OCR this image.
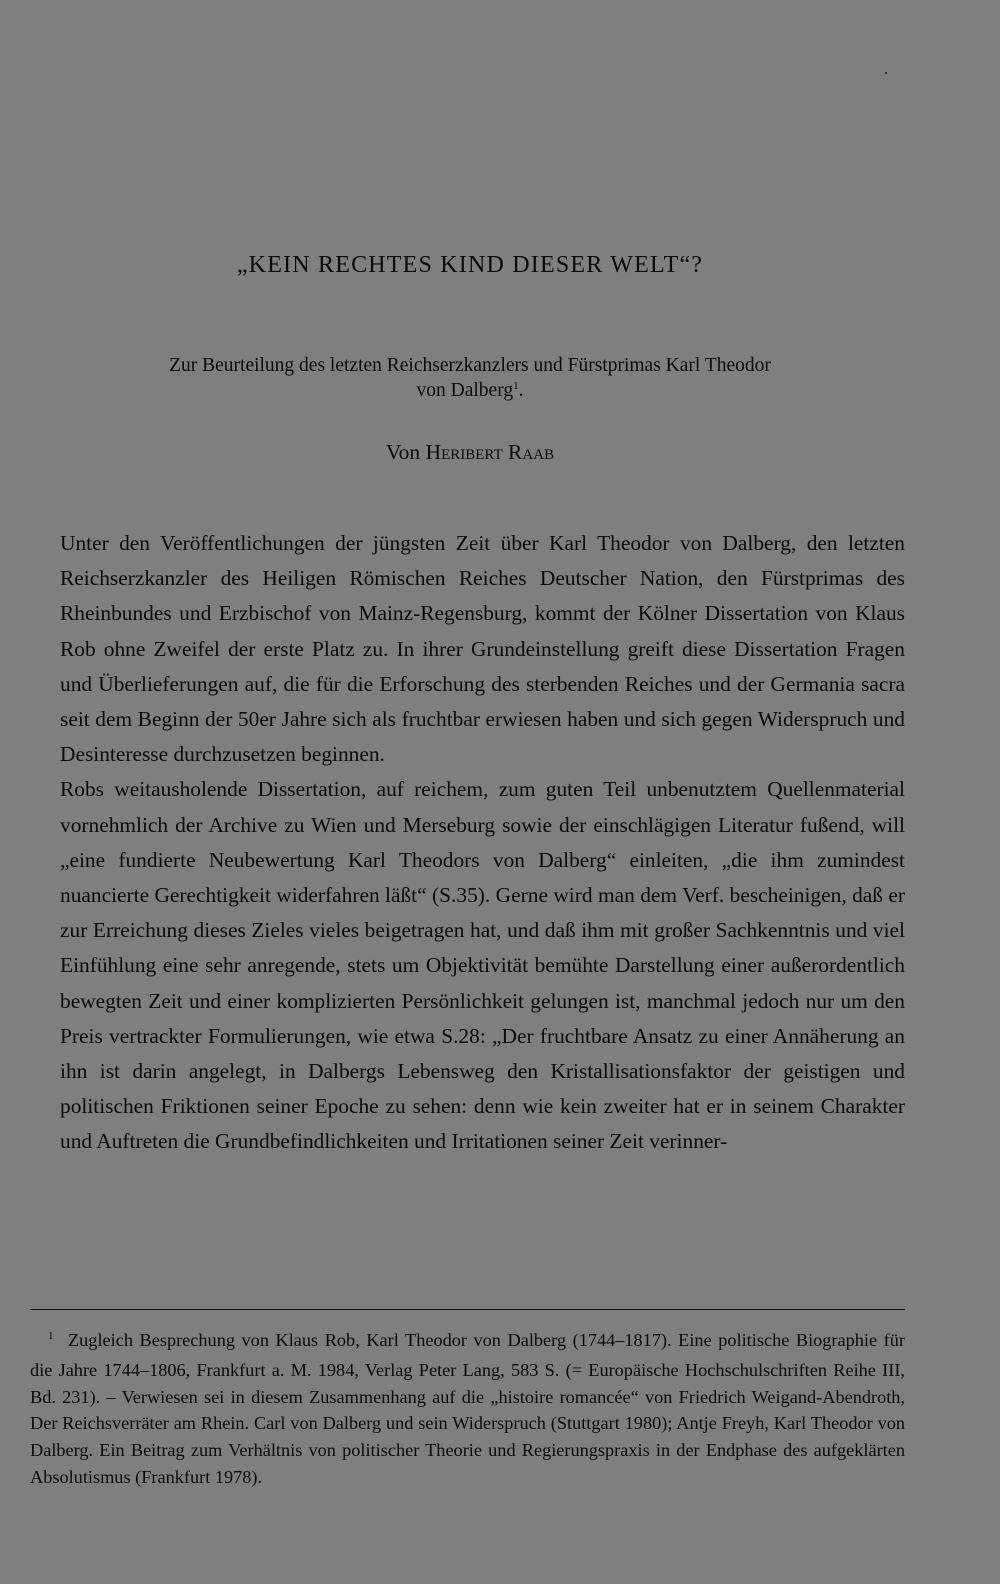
„KEIN RECHTES KIND DIESER WELT“?
Zur Beurteilung des letzten Reichserzkanzlers und Fürstprimas Karl Theodor
von Dalberg$^1$.
Von Heribert Raab

Unter den Veröffentlichungen der jüngsten Zeit über Karl Theodor von Dalberg, den letzten Reichserzkanzler des Heiligen Römischen Reiches Deutscher Nation, den Fürstprimas des Rheinbundes und Erzbischof von Mainz-Regensburg, kommt der Kölner Dissertation von Klaus Rob ohne Zweifel der erste Platz zu. In ihrer Grundeinstellung greift diese Dissertation Fragen und Überlieferungen auf, die für die Erforschung des sterbenden Reiches und der Germania sacra seit dem Beginn der 50er Jahre sich als fruchtbar erwiesen haben und sich gegen Widerspruch und Desinteresse durchzusetzen beginnen.

Robs weitausholende Dissertation, auf reichem, zum guten Teil unbenutztem Quellenmaterial vornehmlich der Archive zu Wien und Merseburg sowie der einschlägigen Literatur fußend, will „eine fundierte Neubewertung Karl Theodors von Dalberg“ einleiten, „die ihm zumindest nuancierte Gerechtigkeit widerfahren läßt“ (S.35). Gerne wird man dem Verf. bescheinigen, daß er zur Erreichung dieses Zieles vieles beigetragen hat, und daß ihm mit großer Sachkenntnis und viel Einfühlung eine sehr anregende, stets um Objektivität bemühte Darstellung einer außerordentlich bewegten Zeit und einer komplizierten Persönlichkeit gelungen ist, manchmal jedoch nur um den Preis vertrackter Formulierungen, wie etwa S.28: „Der fruchtbare Ansatz zu einer Annäherung an ihn ist darin angelegt, in Dalbergs Lebensweg den Kristallisationsfaktor der geistigen und politischen Friktionen seiner Epoche zu sehen: denn wie kein zweiter hat er in seinem Charakter und Auftreten die Grundbefindlichkeiten und Irritationen seiner Zeit verinner-

1 Zugleich Besprechung von Klaus Rob, Karl Theodor von Dalberg (1744–1817). Eine politische Biographie für die Jahre 1744–1806, Frankfurt a. M. 1984, Verlag Peter Lang, 583 S. (= Europäische Hochschulschriften Reihe III, Bd. 231). – Verwiesen sei in diesem Zusammenhang auf die „histoire romancée“ von Friedrich Weigand-Abendroth, Der Reichsverräter am Rhein. Carl von Dalberg und sein Widerspruch (Stuttgart 1980); Antje Freyh, Karl Theodor von Dalberg. Ein Beitrag zum Verhältnis von politischer Theorie und Regierungspraxis in der Endphase des aufgeklärten Absolutismus (Frankfurt 1978).
